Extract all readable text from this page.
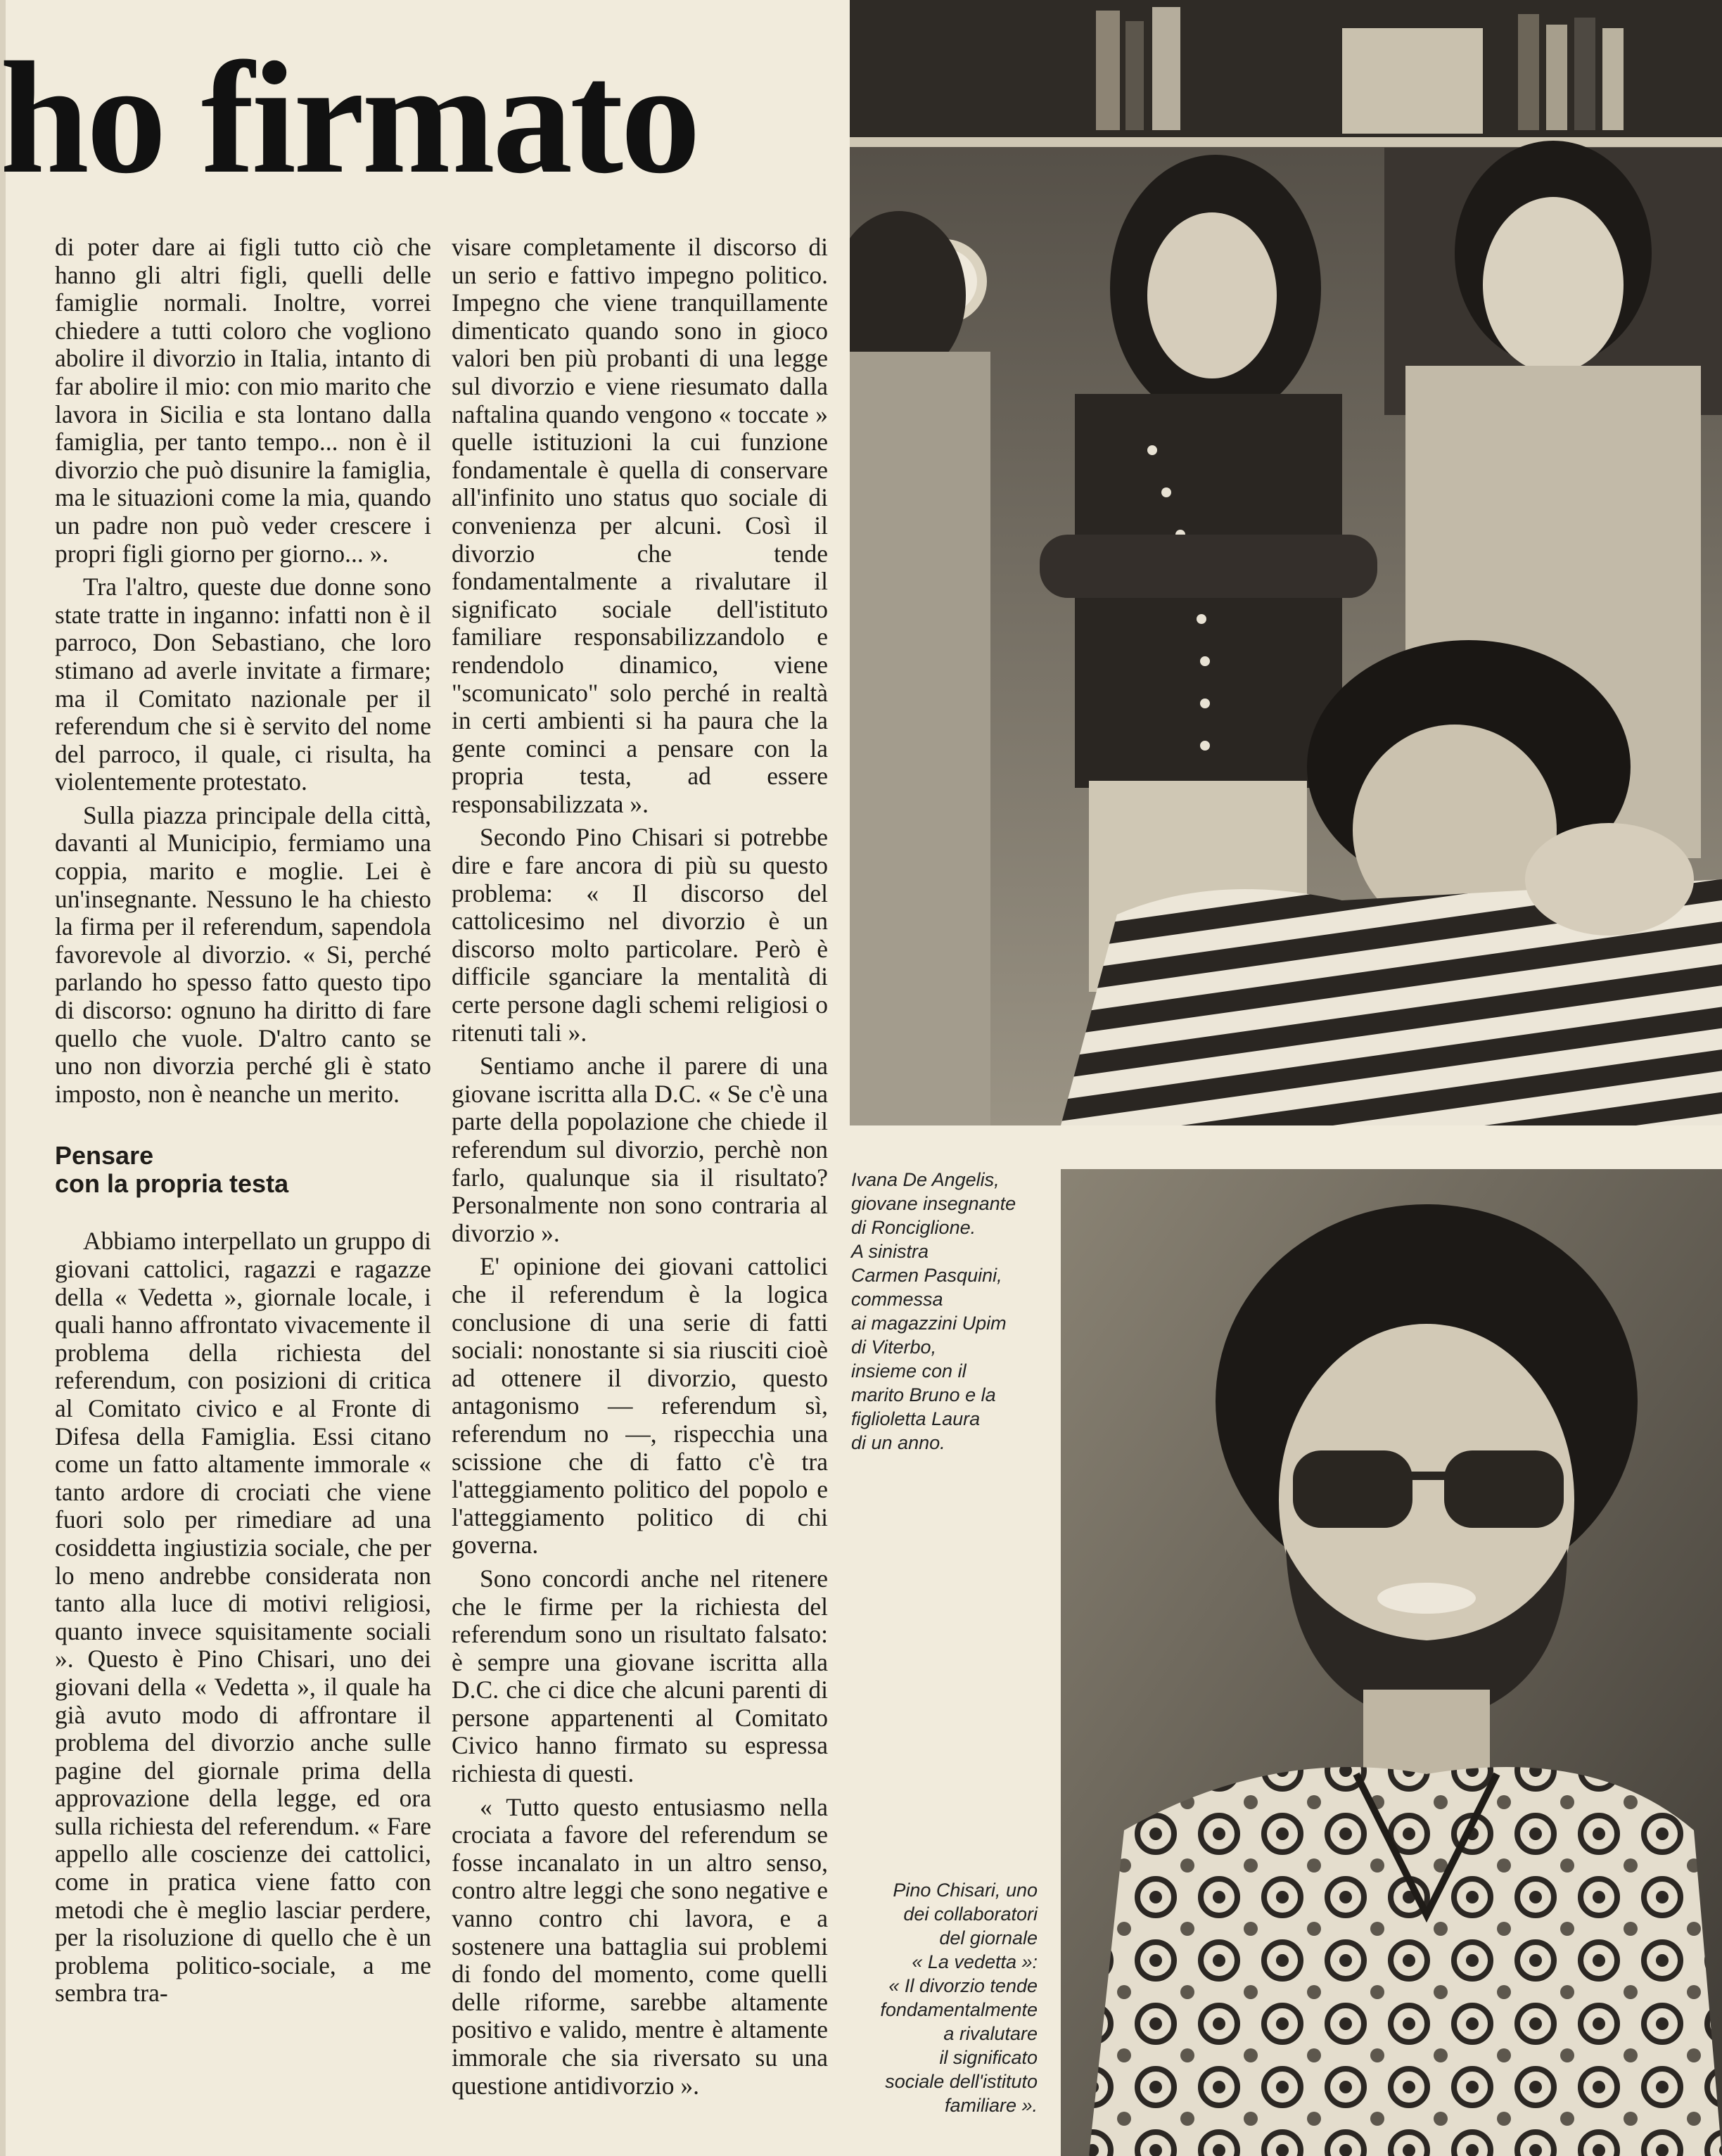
ho firmato

di poter dare ai figli tutto ciò che hanno gli altri figli, quelli delle famiglie normali. Inoltre, vorrei chiedere a tutti coloro che vogliono abolire il divorzio in Italia, intanto di far abolire il mio: con mio marito che lavora in Sicilia e sta lontano dalla famiglia, per tanto tempo... non è il divorzio che può disunire la famiglia, ma le situazioni come la mia, quando un padre non può veder crescere i propri figli giorno per giorno... ».

Tra l'altro, queste due donne sono state tratte in inganno: infatti non è il parroco, Don Sebastiano, che loro stimano ad averle invitate a firmare; ma il Comitato nazionale per il referendum che si è servito del nome del parroco, il quale, ci risulta, ha violentemente protestato.

Sulla piazza principale della città, davanti al Municipio, fermiamo una coppia, marito e moglie. Lei è un'insegnante. Nessuno le ha chiesto la firma per il referendum, sapendola favorevole al divorzio. « Si, perché parlando ho spesso fatto questo tipo di discorso: ognuno ha diritto di fare quello che vuole. D'altro canto se uno non divorzia perché gli è stato imposto, non è neanche un merito.

Pensare
con la propria testa

Abbiamo interpellato un gruppo di giovani cattolici, ragazzi e ragazze della « Vedetta », giornale locale, i quali hanno affrontato vivacemente il problema della richiesta del referendum, con posizioni di critica al Comitato civico e al Fronte di Difesa della Famiglia. Essi citano come un fatto altamente immorale « tanto ardore di crociati che viene fuori solo per rimediare ad una cosiddetta ingiustizia sociale, che per lo meno andrebbe considerata non tanto alla luce di motivi religiosi, quanto invece squisitamente sociali ». Questo è Pino Chisari, uno dei giovani della « Vedetta », il quale ha già avuto modo di affrontare il problema del divorzio anche sulle pagine del giornale prima della approvazione della legge, ed ora sulla richiesta del referendum. « Fare appello alle coscienze dei cattolici, come in pratica viene fatto con metodi che è meglio lasciar perdere, per la risoluzione di quello che è un problema politico-sociale, a me sembra tra-

visare completamente il discorso di un serio e fattivo impegno politico. Impegno che viene tranquillamente dimenticato quando sono in gioco valori ben più probanti di una legge sul divorzio e viene riesumato dalla naftalina quando vengono « toccate » quelle istituzioni la cui funzione fondamentale è quella di conservare all'infinito uno status quo sociale di convenienza per alcuni. Così il divorzio che tende fondamentalmente a rivalutare il significato sociale dell'istituto familiare responsabilizzandolo e rendendolo dinamico, viene "scomunicato" solo perché in realtà in certi ambienti si ha paura che la gente cominci a pensare con la propria testa, ad essere responsabilizzata ».

Secondo Pino Chisari si potrebbe dire e fare ancora di più su questo problema: « Il discorso del cattolicesimo nel divorzio è un discorso molto particolare. Però è difficile sganciare la mentalità di certe persone dagli schemi religiosi o ritenuti tali ».

Sentiamo anche il parere di una giovane iscritta alla D.C. « Se c'è una parte della popolazione che chiede il referendum sul divorzio, perchè non farlo, qualunque sia il risultato? Personalmente non sono contraria al divorzio ».

E' opinione dei giovani cattolici che il referendum è la logica conclusione di una serie di fatti sociali: nonostante si sia riusciti cioè ad ottenere il divorzio, questo antagonismo — referendum sì, referendum no —, rispecchia una scissione che di fatto c'è tra l'atteggiamento politico del popolo e l'atteggiamento politico di chi governa.

Sono concordi anche nel ritenere che le firme per la richiesta del referendum sono un risultato falsato: è sempre una giovane iscritta alla D.C. che ci dice che alcuni parenti di persone appartenenti al Comitato Civico hanno firmato su espressa richiesta di questi.

« Tutto questo entusiasmo nella crociata a favore del referendum se fosse incanalato in un altro senso, contro altre leggi che sono negative e vanno contro chi lavora, e a sostenere una battaglia sui problemi di fondo del momento, come quelli delle riforme, sarebbe altamente positivo e valido, mentre è altamente immorale che sia riversato su una questione antidivorzio ».

Ivana De Angelis,
giovane insegnante
di Ronciglione.
A sinistra
Carmen Pasquini,
commessa
ai magazzini Upim
di Viterbo,
insieme con il
marito Bruno e la
figlioletta Laura
di un anno.
Pino Chisari, uno
dei collaboratori
del giornale
« La vedetta »:
« Il divorzio tende
fondamentalmente
a rivalutare
il significato
sociale dell'istituto
familiare ».
